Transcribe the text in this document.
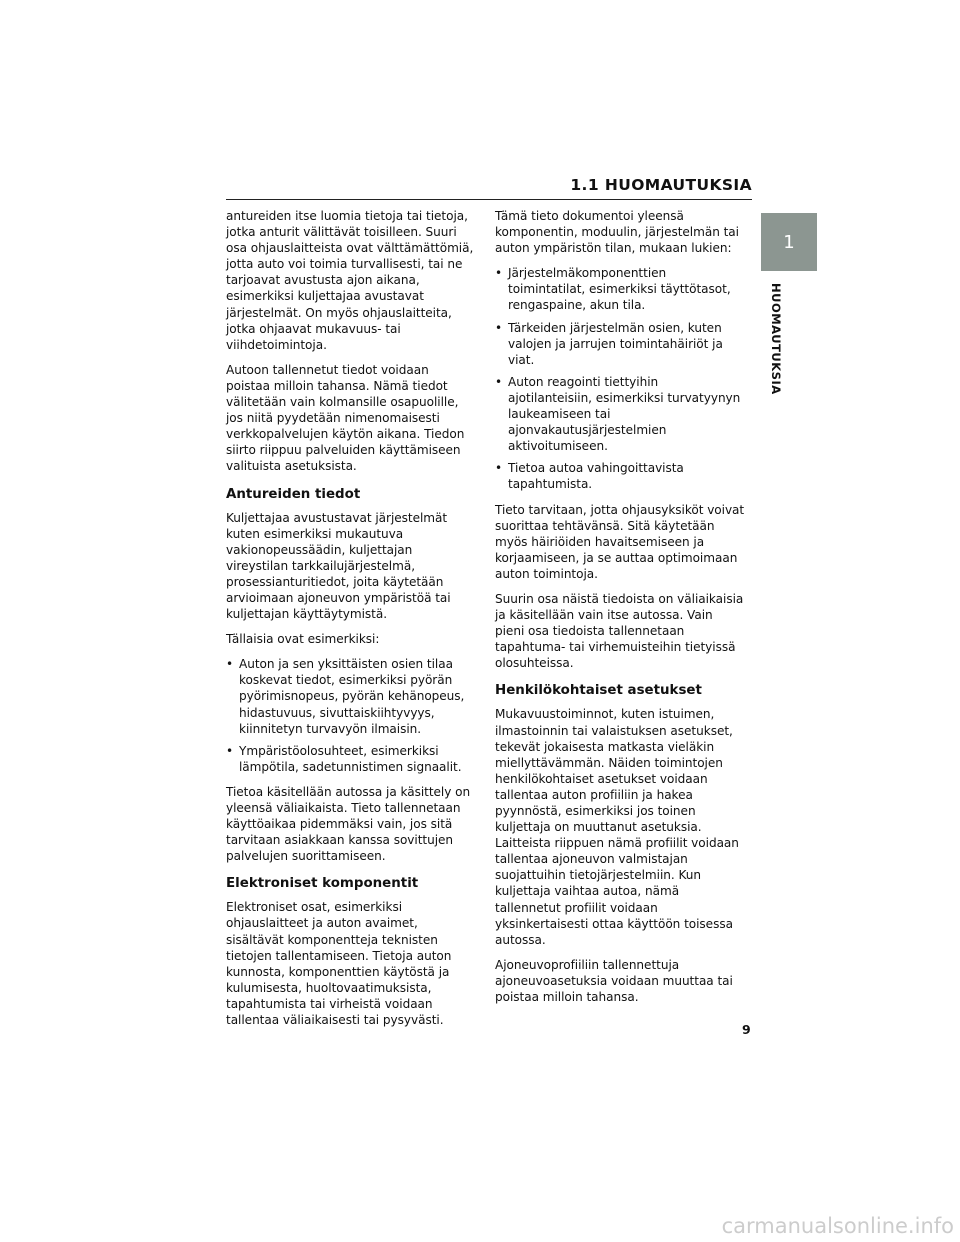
1.1 HUOMAUTUKSIA
1
HUOMAUTUKSIA

antureiden itse luomia tietoja tai tietoja, jotka anturit välittävät toisilleen. Suuri osa ohjauslaitteista ovat välttämättömiä, jotta auto voi toimia turvallisesti, tai ne tarjoavat avustusta ajon aikana, esimerkiksi kuljettajaa avustavat järjestelmät. On myös ohjauslaitteita, jotka ohjaavat mukavuus- tai viihdetoimintoja.

Autoon tallennetut tiedot voidaan poistaa milloin tahansa. Nämä tiedot välitetään vain kolmansille osapuolille, jos niitä pyydetään nimenomaisesti verkkopalvelujen käytön aikana. Tiedon siirto riippuu palveluiden käyttämiseen valituista asetuksista.

Antureiden tiedot

Kuljettajaa avustustavat järjestelmät kuten esimerkiksi mukautuva vakionopeussäädin, kuljettajan vireystilan tarkkailujärjestelmä, prosessianturitiedot, joita käytetään arvioimaan ajoneuvon ympäristöä tai kuljettajan käyttäytymistä.

Tällaisia ovat esimerkiksi:

• Auton ja sen yksittäisten osien tilaa koskevat tiedot, esimerkiksi pyörän pyörimisnopeus, pyörän kehänopeus, hidastuvuus, sivuttaiskiihtyvyys, kiinnitetyn turvavyön ilmaisin.
• Ympäristöolosuhteet, esimerkiksi lämpötila, sadetunnistimen signaalit.

Tietoa käsitellään autossa ja käsittely on yleensä väliaikaista. Tieto tallennetaan käyttöaikaa pidemmäksi vain, jos sitä tarvitaan asiakkaan kanssa sovittujen palvelujen suorittamiseen.

Elektroniset komponentit

Elektroniset osat, esimerkiksi ohjauslaitteet ja auton avaimet, sisältävät komponentteja teknisten tietojen tallentamiseen. Tietoja auton kunnosta, komponenttien käytöstä ja kulumisesta, huoltovaatimuksista, tapahtumista tai virheistä voidaan tallentaa väliaikaisesti tai pysyvästi.

Tämä tieto dokumentoi yleensä komponentin, moduulin, järjestelmän tai auton ympäristön tilan, mukaan lukien:

• Järjestelmäkomponenttien toimintatilat, esimerkiksi täyttötasot, rengaspaine, akun tila.
• Tärkeiden järjestelmän osien, kuten valojen ja jarrujen toimintahäiriöt ja viat.
• Auton reagointi tiettyihin ajotilanteisiin, esimerkiksi turvatyynyn laukeamiseen tai ajonvakautusjärjestelmien aktivoitumiseen.
• Tietoa autoa vahingoittavista tapahtumista.

Tieto tarvitaan, jotta ohjausyksiköt voivat suorittaa tehtävänsä. Sitä käytetään myös häiriöiden havaitsemiseen ja korjaamiseen, ja se auttaa optimoimaan auton toimintoja.

Suurin osa näistä tiedoista on väliaikaisia ja käsitellään vain itse autossa. Vain pieni osa tiedoista tallennetaan tapahtuma- tai virhemuisteihin tietyissä olosuhteissa.

Henkilökohtaiset asetukset

Mukavuustoiminnot, kuten istuimen, ilmastoinnin tai valaistuksen asetukset, tekevät jokaisesta matkasta vieläkin miellyttävämmän. Näiden toimintojen henkilökohtaiset asetukset voidaan tallentaa auton profiiliin ja hakea pyynnöstä, esimerkiksi jos toinen kuljettaja on muuttanut asetuksia. Laitteista riippuen nämä profiilit voidaan tallentaa ajoneuvon valmistajan suojattuihin tietojärjestelmiin. Kun kuljettaja vaihtaa autoa, nämä tallennetut profiilit voidaan yksinkertaisesti ottaa käyttöön toisessa autossa.

Ajoneuvoprofiiliin tallennettuja ajoneuvoasetuksia voidaan muuttaa tai poistaa milloin tahansa.

9
carmanualsonline.info
